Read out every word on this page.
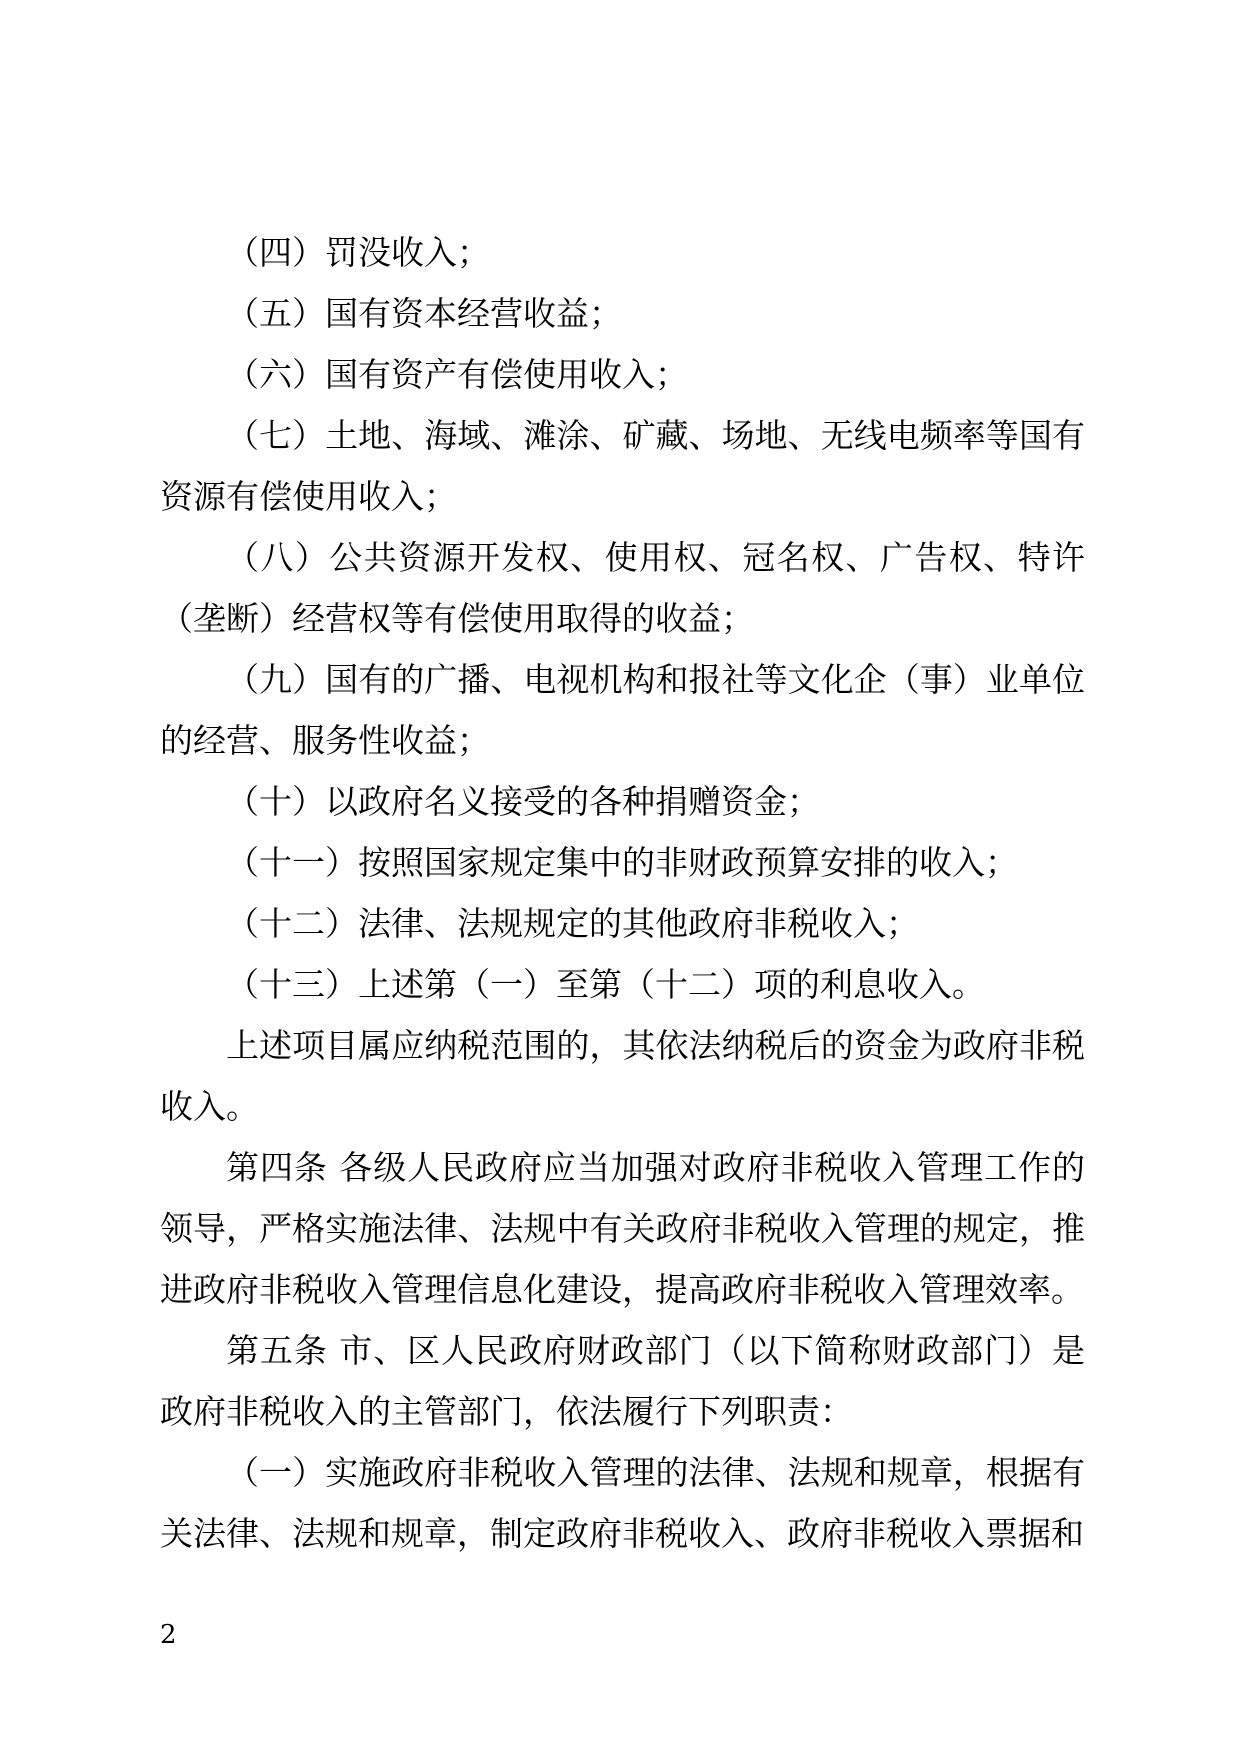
（四）罚没收入；

（五）国有资本经营收益；

（六）国有资产有偿使用收入；

（七）土地、海域、滩涂、矿藏、场地、无线电频率等国有资源有偿使用收入；

（八）公共资源开发权、使用权、冠名权、广告权、特许（垄断）经营权等有偿使用取得的收益；

（九）国有的广播、电视机构和报社等文化企（事）业单位的经营、服务性收益；

（十）以政府名义接受的各种捐赠资金；

（十一）按照国家规定集中的非财政预算安排的收入；

（十二）法律、法规规定的其他政府非税收入；

（十三）上述第（一）至第（十二）项的利息收入。

上述项目属应纳税范围的，其依法纳税后的资金为政府非税收入。

第四条 各级人民政府应当加强对政府非税收入管理工作的领导，严格实施法律、法规中有关政府非税收入管理的规定，推进政府非税收入管理信息化建设，提高政府非税收入管理效率。

第五条 市、区人民政府财政部门（以下简称财政部门）是政府非税收入的主管部门，依法履行下列职责：

（一）实施政府非税收入管理的法律、法规和规章，根据有关法律、法规和规章，制定政府非税收入、政府非税收入票据和

2
